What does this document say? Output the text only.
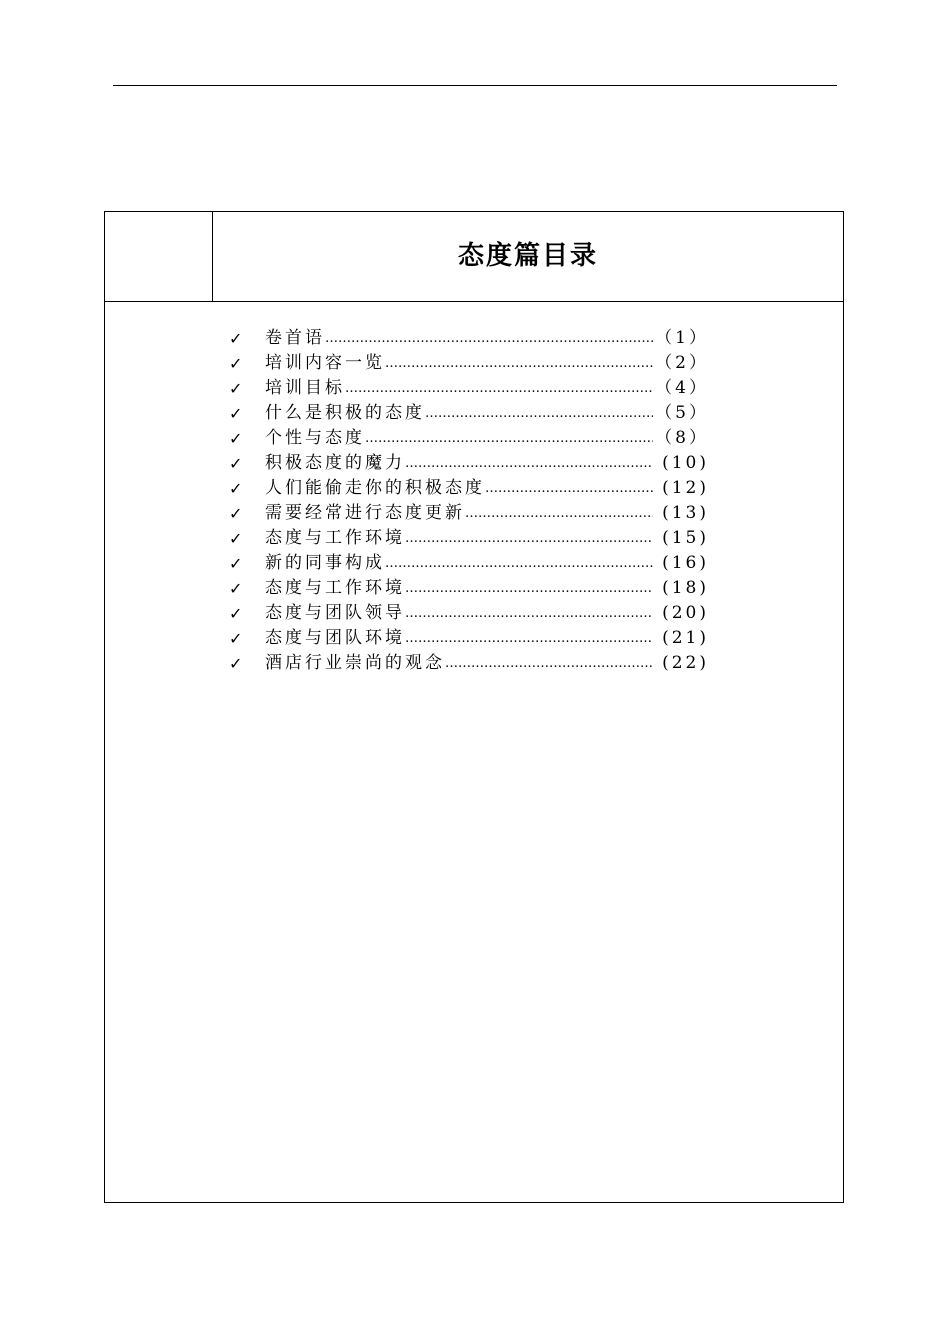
态度篇目录
✓	卷首语 …………………………………………………………………………………………………………………………	（1）
✓	培训内容一览 …………………………………………………………………………………………………………………………	（2）
✓	培训目标 …………………………………………………………………………………………………………………………	（4）
✓	什么是积极的态度 …………………………………………………………………………………………………………………………	（5）
✓	个性与态度 …………………………………………………………………………………………………………………………	（8）
✓	积极态度的魔力 …………………………………………………………………………………………………………………………	(10)
✓	人们能偷走你的积极态度 …………………………………………………………………………………………………………………………	(12)
✓	需要经常进行态度更新 …………………………………………………………………………………………………………………………	(13)
✓	态度与工作环境 …………………………………………………………………………………………………………………………	(15)
✓	新的同事构成 …………………………………………………………………………………………………………………………	(16)
✓	态度与工作环境 …………………………………………………………………………………………………………………………	(18)
✓	态度与团队领导 …………………………………………………………………………………………………………………………	(20)
✓	态度与团队环境 …………………………………………………………………………………………………………………………	(21)
✓	酒店行业崇尚的观念 …………………………………………………………………………………………………………………………	(22)
